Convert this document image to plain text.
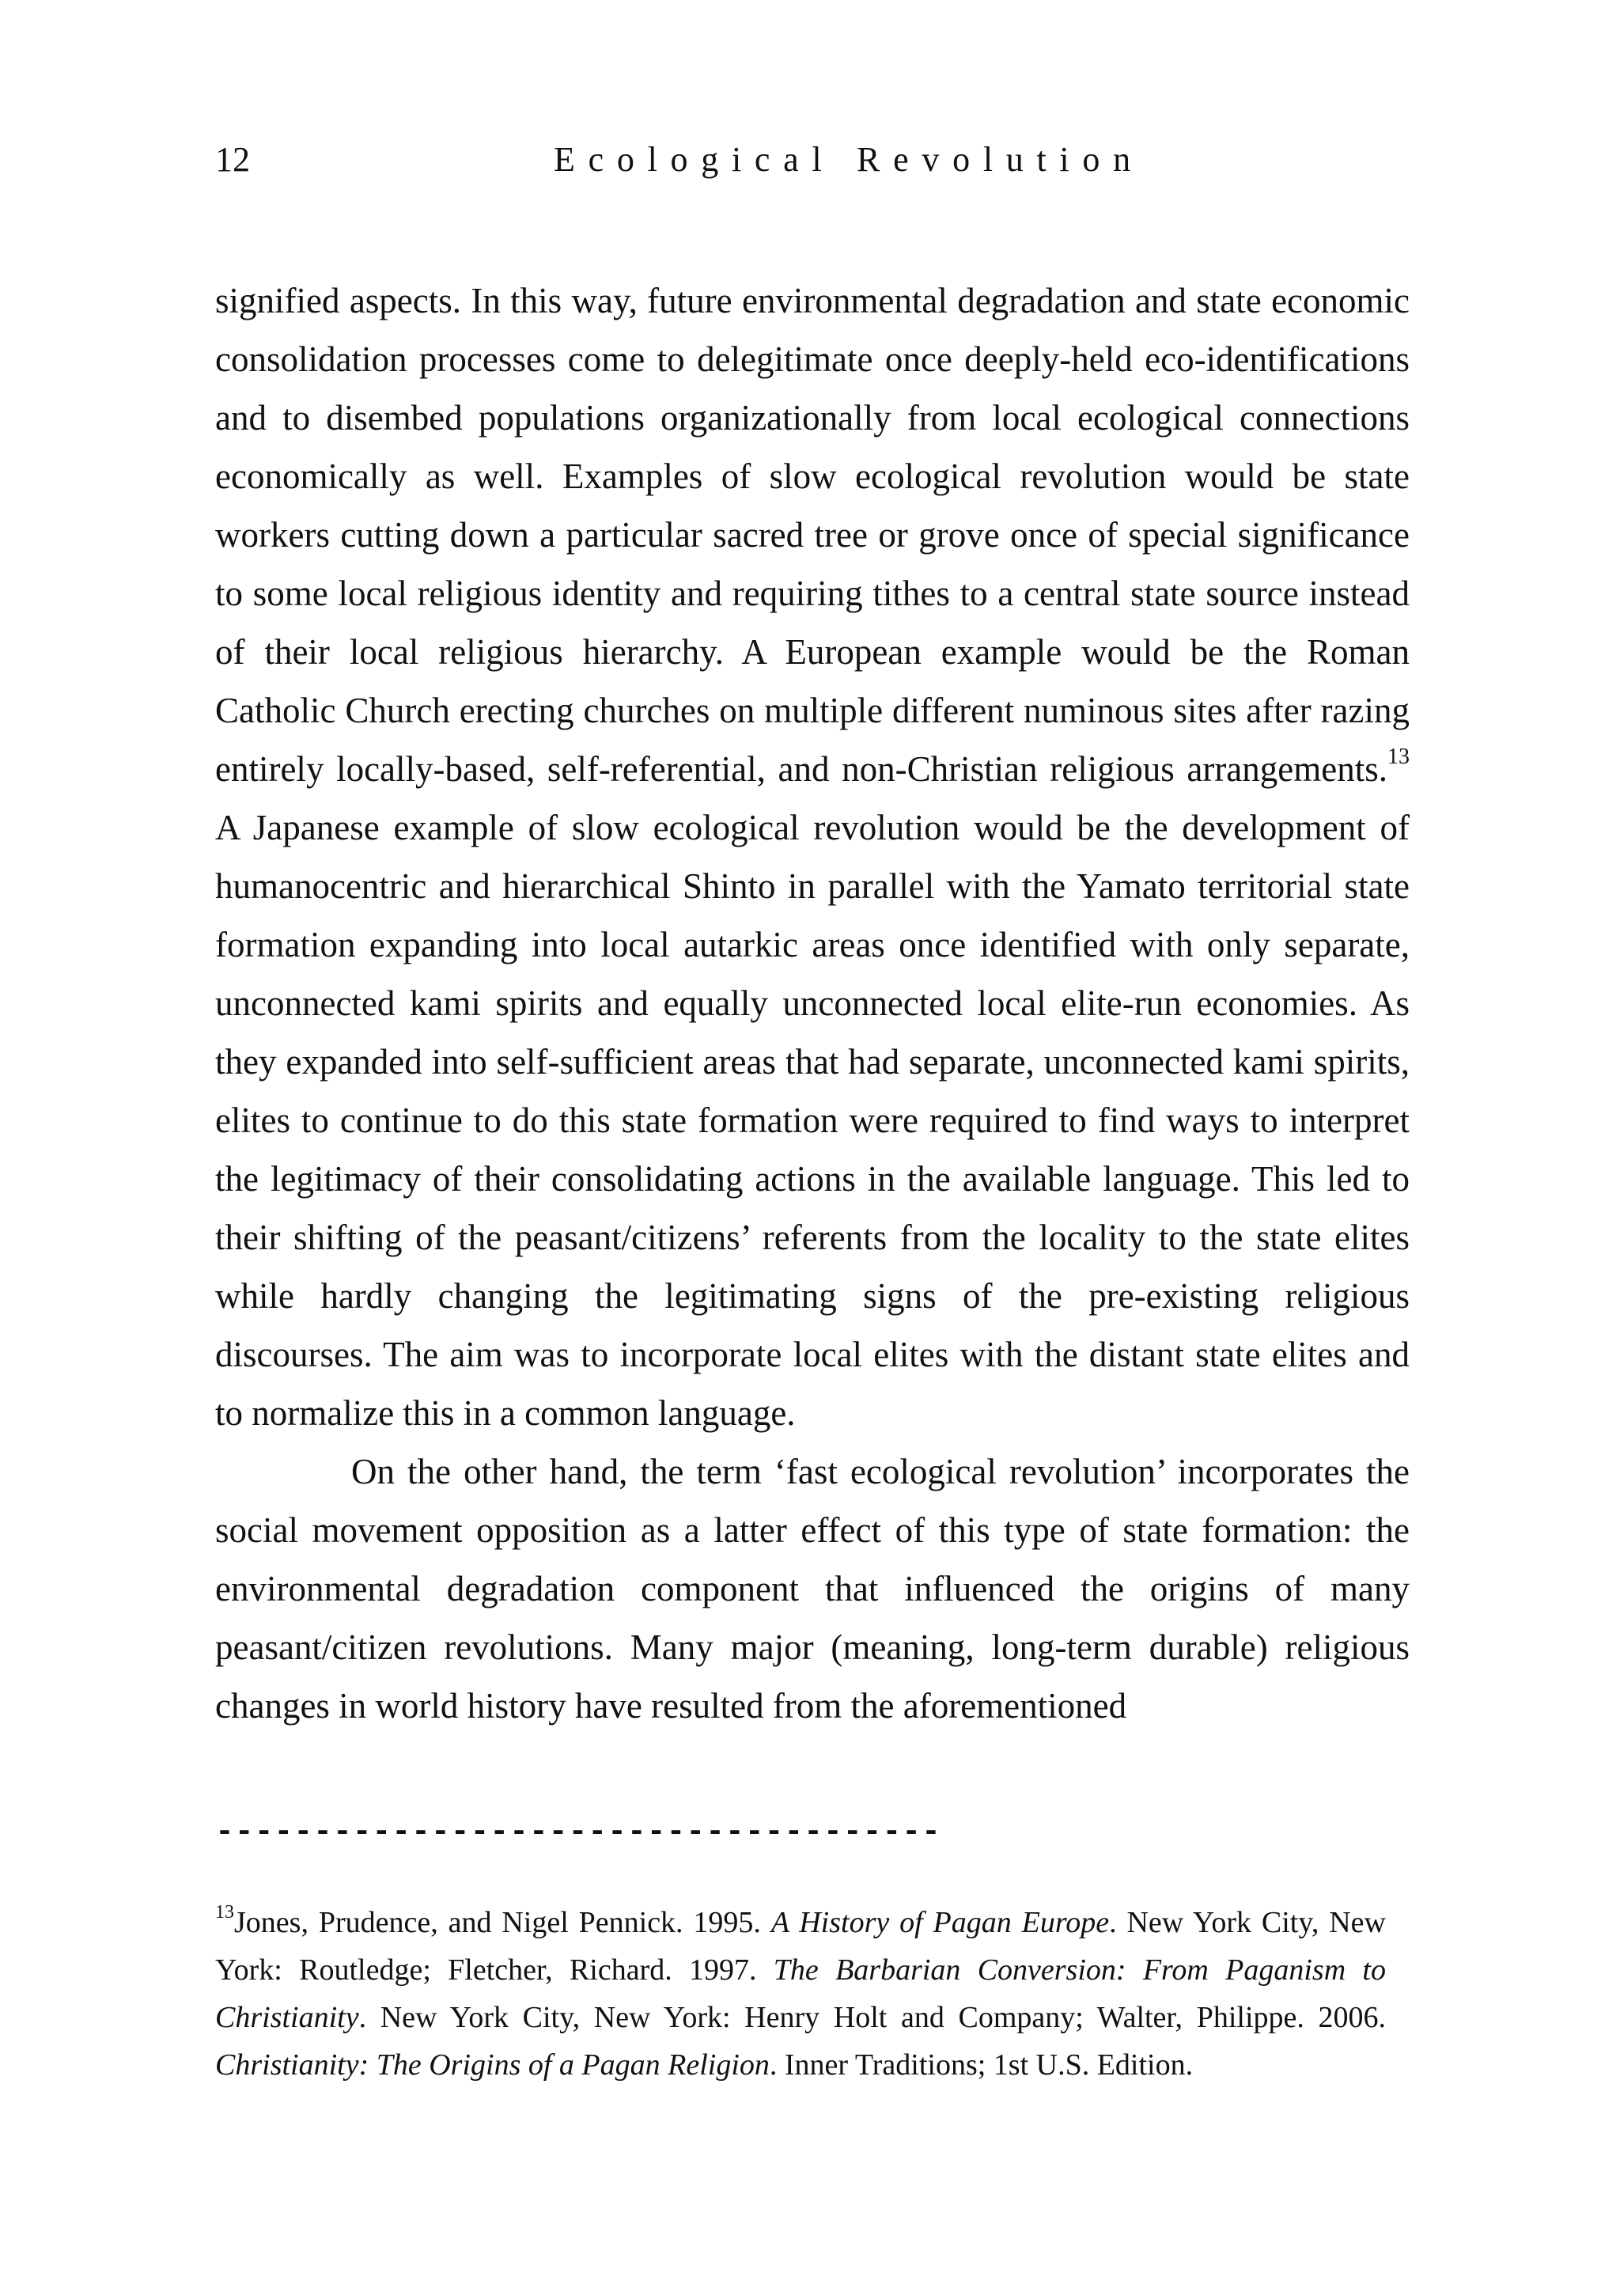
12	Ecological Revolution

signified aspects. In this way, future environmental degradation and state economic consolidation processes come to delegitimate once deeply-held eco-identifications and to disembed populations organizationally from local ecological connections economically as well. Examples of slow ecological revolution would be state workers cutting down a particular sacred tree or grove once of special significance to some local religious identity and requiring tithes to a central state source instead of their local religious hierarchy. A European example would be the Roman Catholic Church erecting churches on multiple different numinous sites after razing entirely locally-based, self-referential, and non-Christian religious arrangements.$^{13}$ A Japanese example of slow ecological revolution would be the development of humanocentric and hierarchical Shinto in parallel with the Yamato territorial state formation expanding into local autarkic areas once identified with only separate, unconnected kami spirits and equally unconnected local elite-run economies. As they expanded into self-sufficient areas that had separate, unconnected kami spirits, elites to continue to do this state formation were required to find ways to interpret the legitimacy of their consolidating actions in the available language. This led to their shifting of the peasant/citizens’ referents from the locality to the state elites while hardly changing the legitimating signs of the pre-existing religious discourses. The aim was to incorporate local elites with the distant state elites and to normalize this in a common language.

On the other hand, the term ‘fast ecological revolution’ incorporates the social movement opposition as a latter effect of this type of state formation: the environmental degradation component that influenced the origins of many peasant/citizen revolutions. Many major (meaning, long-term durable) religious changes in world history have resulted from the aforementioned

-------------------------------------

$^{13}$Jones, Prudence, and Nigel Pennick. 1995. A History of Pagan Europe. New York City, New York: Routledge; Fletcher, Richard. 1997. The Barbarian Conversion: From Paganism to Christianity. New York City, New York: Henry Holt and Company; Walter, Philippe. 2006. Christianity: The Origins of a Pagan Religion. Inner Traditions; 1st U.S. Edition.
